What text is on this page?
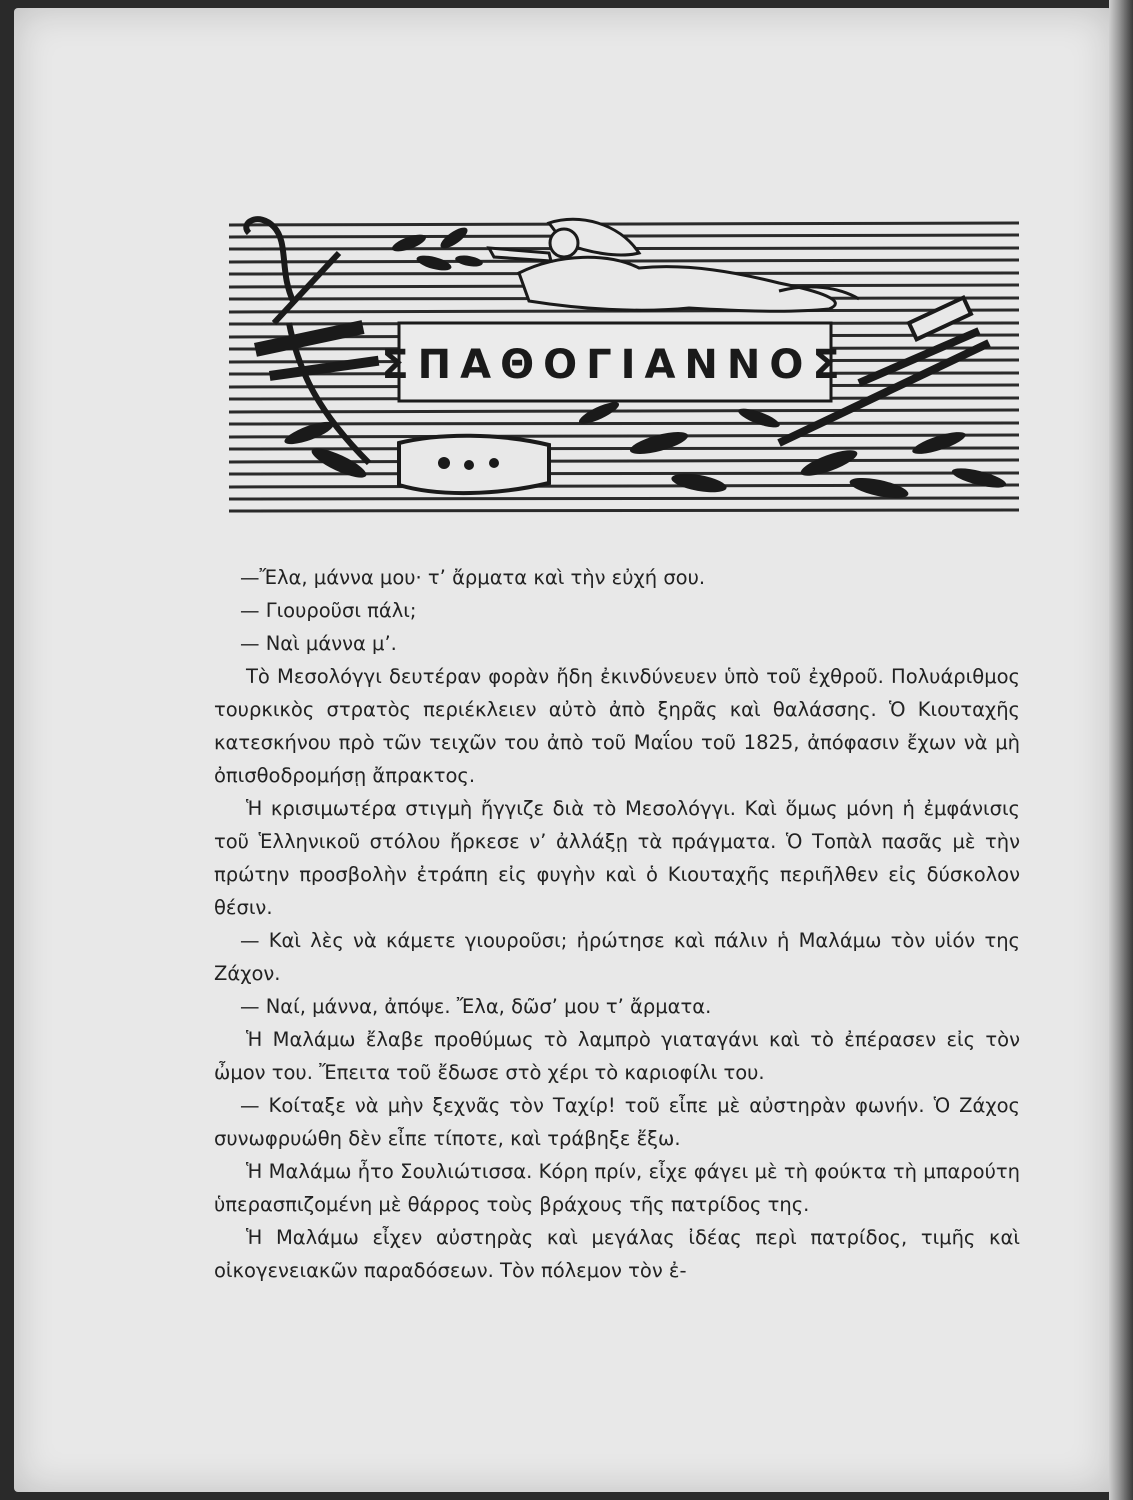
ΣΠΑΘΟΓΙΑΝΝΟΣ

—Ἔλα, μάννα μου· τ’ ἄρματα καὶ τὴν εὐχή σου.

— Γιουροῦσι πάλι;

— Ναὶ μάννα μ’.

Τὸ Μεσολόγγι δευτέραν φορὰν ἤδη ἐκινδύνευεν ὑπὸ τοῦ ἐχθροῦ. Πολυάριθμος τουρκικὸς στρατὸς περιέκλειεν αὐτὸ ἀπὸ ξηρᾶς καὶ θαλάσσης. Ὁ Κιουταχῆς κατεσκήνου πρὸ τῶν τειχῶν του ἀπὸ τοῦ Μαΐου τοῦ 1825, ἀπόφασιν ἔχων νὰ μὴ ὀπισθοδρομήσῃ ἄπρακτος.

Ἡ κρισιμωτέρα στιγμὴ ἤγγιζε διὰ τὸ Μεσολόγγι. Καὶ ὅμως μόνη ἡ ἐμφάνισις τοῦ Ἑλληνικοῦ στόλου ἤρκεσε ν’ ἀλλάξῃ τὰ πράγματα. Ὁ Τοπὰλ πασᾶς μὲ τὴν πρώτην προσβολὴν ἐτράπη εἰς φυγὴν καὶ ὁ Κιουταχῆς περιῆλθεν εἰς δύσκολον θέσιν.

— Καὶ λὲς νὰ κάμετε γιουροῦσι; ἠρώτησε καὶ πάλιν ἡ Μαλάμω τὸν υἱόν της Ζάχον.

— Ναί, μάννα, ἀπόψε. Ἔλα, δῶσ’ μου τ’ ἄρματα.

Ἡ Μαλάμω ἔλαβε προθύμως τὸ λαμπρὸ γιαταγάνι καὶ τὸ ἐπέρασεν εἰς τὸν ὦμον του. Ἔπειτα τοῦ ἔδωσε στὸ χέρι τὸ καριοφίλι του.

— Κοίταξε νὰ μὴν ξεχνᾶς τὸν Ταχίρ! τοῦ εἶπε μὲ αὐστηρὰν φωνήν. Ὁ Ζάχος συνωφρυώθη δὲν εἶπε τίποτε, καὶ τράβηξε ἔξω.

Ἡ Μαλάμω ἦτο Σουλιώτισσα. Κόρη πρίν, εἶχε φάγει μὲ τὴ φούκτα τὴ μπαρούτη ὑπερασπιζομένη μὲ θάρρος τοὺς βράχους τῆς πατρίδος της.

Ἡ Μαλάμω εἶχεν αὐστηρὰς καὶ μεγάλας ἰδέας περὶ πατρίδος, τιμῆς καὶ οἰκογενειακῶν παραδόσεων. Τὸν πόλεμον τὸν ἐ-
